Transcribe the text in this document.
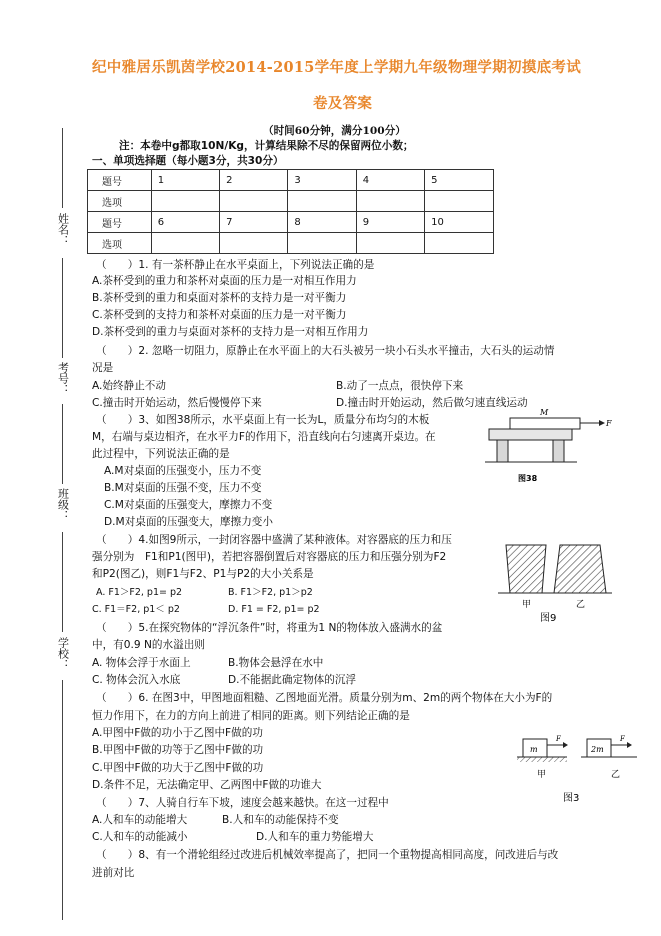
纪中雅居乐凯茵学校2014-2015学年度上学期九年级物理学期初摸底考试
卷及答案
（时间60分钟，满分100分）
注：本卷中g都取10N/Kg，计算结果除不尽的保留两位小数；
一、单项选择题（每小题3分，共30分）
题号	1	2	3	4	5
选项					
题号	6	7	8	9	10
选项					
姓名：
考号：
班级：
学校：
（　　）1. 有一茶杯静止在水平桌面上，下列说法正确的是
A.茶杯受到的重力和茶杯对桌面的压力是一对相互作用力
B.茶杯受到的重力和桌面对茶杯的支持力是一对平衡力
C.茶杯受到的支持力和茶杯对桌面的压力是一对平衡力
D.茶杯受到的重力与桌面对茶杯的支持力是一对相互作用力
（　　）2. 忽略一切阻力，原静止在水平面上的大石头被另一块小石头水平撞击，大石头的运动情
况是
A.始终静止不动	B.动了一点点，很快停下来
C.撞击时开始运动，然后慢慢停下来	D.撞击时开始运动，然后做匀速直线运动
（　　）3、如图38所示，水平桌面上有一长为L，质量分布均匀的木板
M，右端与桌边相齐，在水平力F的作用下，沿直线向右匀速离开桌边。在
此过程中，下列说法正确的是
A.M对桌面的压强变小，压力不变
B.M对桌面的压强不变，压力不变
C.M对桌面的压强变大，摩擦力不变
D.M对桌面的压强变大，摩擦力变小
M
F
图38
（　　）4.如图9所示，一封闭容器中盛满了某种液体。对容器底的压力和压
强分别为　F1和P1(图甲)，若把容器倒置后对容器底的压力和压强分别为F2
和P2(图乙)，则F1与F2、P1与P2的大小关系是
A. F1＞F2, p1= p2	B. F1＞F2, p1＞p2
C. F1＝F2, p1＜ p2	D. F1 = F2, p1= p2	甲	乙
图9
（　　）5.在探究物体的“浮沉条件”时，将重为1 N的物体放入盛满水的盆
中，有0.9 N的水溢出则
A. 物体会浮于水面上	B.物体会悬浮在水中
C. 物体会沉入水底	D.不能据此确定物体的沉浮
（　　）6. 在图3中，甲图地面粗糙、乙图地面光滑。质量分别为m、2m的两个物体在大小为F的
恒力作用下，在力的方向上前进了相同的距离。则下列结论正确的是
A.甲图中F做的功小于乙图中F做的功
B.甲图中F做的功等于乙图中F做的功
C.甲图中F做的功大于乙图中F做的功
D.条件不足，无法确定甲、乙两图中F做的功谁大
m	2m
F	F
甲	乙
图3
（　　）7、人骑自行车下坡，速度会越来越快。在这一过程中
A.人和车的动能增大	B.人和车的动能保持不变
C.人和车的动能减小	D.人和车的重力势能增大
（　　）8、有一个滑轮组经过改进后机械效率提高了，把同一个重物提高相同高度，问改进后与改
进前对比
